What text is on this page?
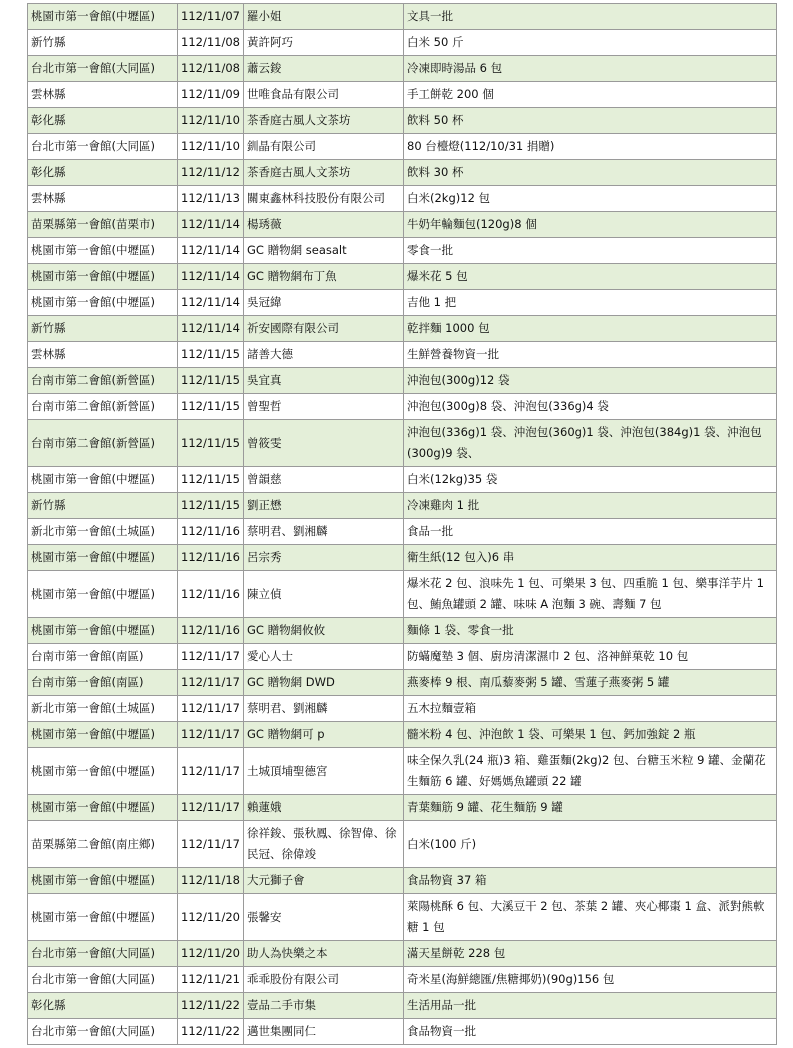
桃園市第一會館(中壢區)	112/11/07	羅小姐	文具一批
新竹縣	112/11/08	黃許阿巧	白米 50 斤
台北市第一會館(大同區)	112/11/08	蕭云鋑	冷凍即時湯品 6 包
雲林縣	112/11/09	世唯食品有限公司	手工餅乾 200 個
彰化縣	112/11/10	茶香庭古風人文茶坊	飲料 50 杯
台北市第一會館(大同區)	112/11/10	釧晶有限公司	80 台檯燈(112/10/31 捐贈)
彰化縣	112/11/12	茶香庭古風人文茶坊	飲料 30 杯
雲林縣	112/11/13	關東鑫林科技股份有限公司	白米(2kg)12 包
苗栗縣第一會館(苗栗市)	112/11/14	楊琇薇	牛奶年輪麵包(120g)8 個
桃園市第一會館(中壢區)	112/11/14	GC 贈物網 seasalt	零食一批
桃園市第一會館(中壢區)	112/11/14	GC 贈物網布丁魚	爆米花 5 包
桃園市第一會館(中壢區)	112/11/14	吳冠緯	吉他 1 把
新竹縣	112/11/14	祈安國際有限公司	乾拌麵 1000 包
雲林縣	112/11/15	諸善大德	生鮮營養物資一批
台南市第二會館(新營區)	112/11/15	吳宜真	沖泡包(300g)12 袋
台南市第二會館(新營區)	112/11/15	曾聖哲	沖泡包(300g)8 袋、沖泡包(336g)4 袋
台南市第二會館(新營區)	112/11/15	曾筱雯	沖泡包(336g)1 袋、沖泡包(360g)1 袋、沖泡包(384g)1 袋、沖泡包(300g)9 袋、
桃園市第一會館(中壢區)	112/11/15	曾韻慈	白米(12kg)35 袋
新竹縣	112/11/15	劉正懋	冷凍雞肉 1 批
新北市第一會館(土城區)	112/11/16	蔡明君、劉湘麟	食品一批
桃園市第一會館(中壢區)	112/11/16	呂宗秀	衛生紙(12 包入)6 串
桃園市第一會館(中壢區)	112/11/16	陳立偵	爆米花 2 包、浪味先 1 包、可樂果 3 包、四重脆 1 包、樂事洋芋片 1 包、鮪魚罐頭 2 罐、味味 A 泡麵 3 碗、壽麵 7 包
桃園市第一會館(中壢區)	112/11/16	GC 贈物網攸攸	麵條 1 袋、零食一批
台南市第一會館(南區)	112/11/17	愛心人士	防蟎魔墊 3 個、廚房清潔濕巾 2 包、洛神鮮菓乾 10 包
台南市第一會館(南區)	112/11/17	GC 贈物網 DWD	燕麥棒 9 根、南瓜藜麥粥 5 罐、雪蓮子燕麥粥 5 罐
新北市第一會館(土城區)	112/11/17	蔡明君、劉湘麟	五木拉麵壹箱
桃園市第一會館(中壢區)	112/11/17	GC 贈物網可 p	髓米粉 4 包、沖泡飲 1 袋、可樂果 1 包、鈣加強錠 2 瓶
桃園市第一會館(中壢區)	112/11/17	土城頂埔聖德宮	味全保久乳(24 瓶)3 箱、雞蛋麵(2kg)2 包、台糖玉米粒 9 罐、金蘭花生麵筋 6 罐、好媽媽魚罐頭 22 罐
桃園市第一會館(中壢區)	112/11/17	賴蓮娥	青葉麵筋 9 罐、花生麵筋 9 罐
苗栗縣第二會館(南庄鄉)	112/11/17	徐祥鋑、張秋鳳、徐智偉、徐民冠、徐偉竣	白米(100 斤)
桃園市第一會館(中壢區)	112/11/18	大元獅子會	食品物資 37 箱
桃園市第一會館(中壢區)	112/11/20	張馨安	萊陽桃酥 6 包、大溪豆干 2 包、茶葉 2 罐、夾心椰棗 1 盒、派對熊軟糖 1 包
台北市第一會館(大同區)	112/11/20	助人為快樂之本	滿天星餅乾 228 包
台北市第一會館(大同區)	112/11/21	乖乖股份有限公司	奇米星(海鮮總匯/焦糖揶奶)(90g)156 包
彰化縣	112/11/22	壹品二手市集	生活用品一批
台北市第一會館(大同區)	112/11/22	邁世集團同仁	食品物資一批
